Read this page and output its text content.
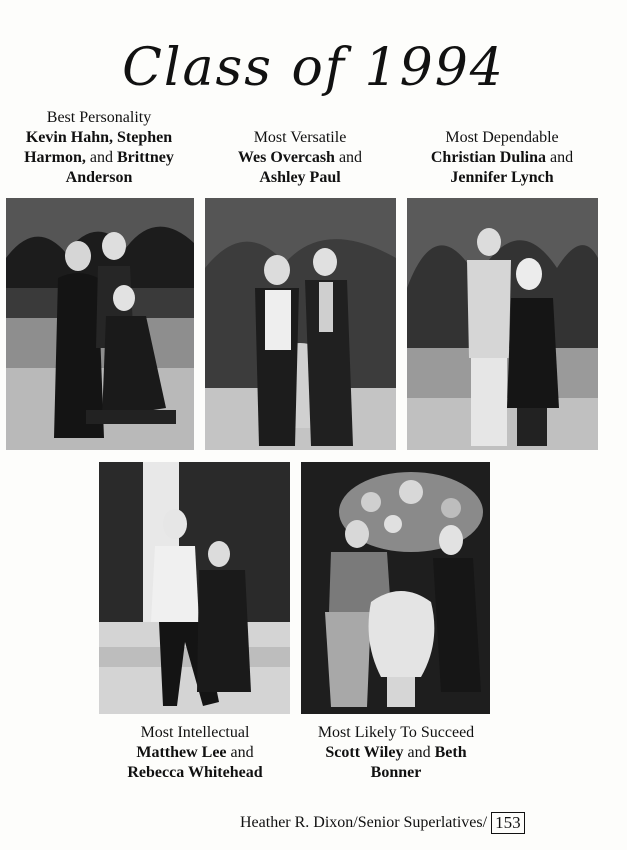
Class of 1994
Best Personality
Kevin Hahn, Stephen
Harmon, and Brittney
Anderson
Most Versatile
Wes Overcash and
Ashley Paul
Most Dependable
Christian Dulina and
Jennifer Lynch
Most Intellectual
Matthew Lee and
Rebecca Whitehead
Most Likely To Succeed
Scott Wiley and Beth
Bonner
Heather R. Dixon/Senior Superlatives/ 153
